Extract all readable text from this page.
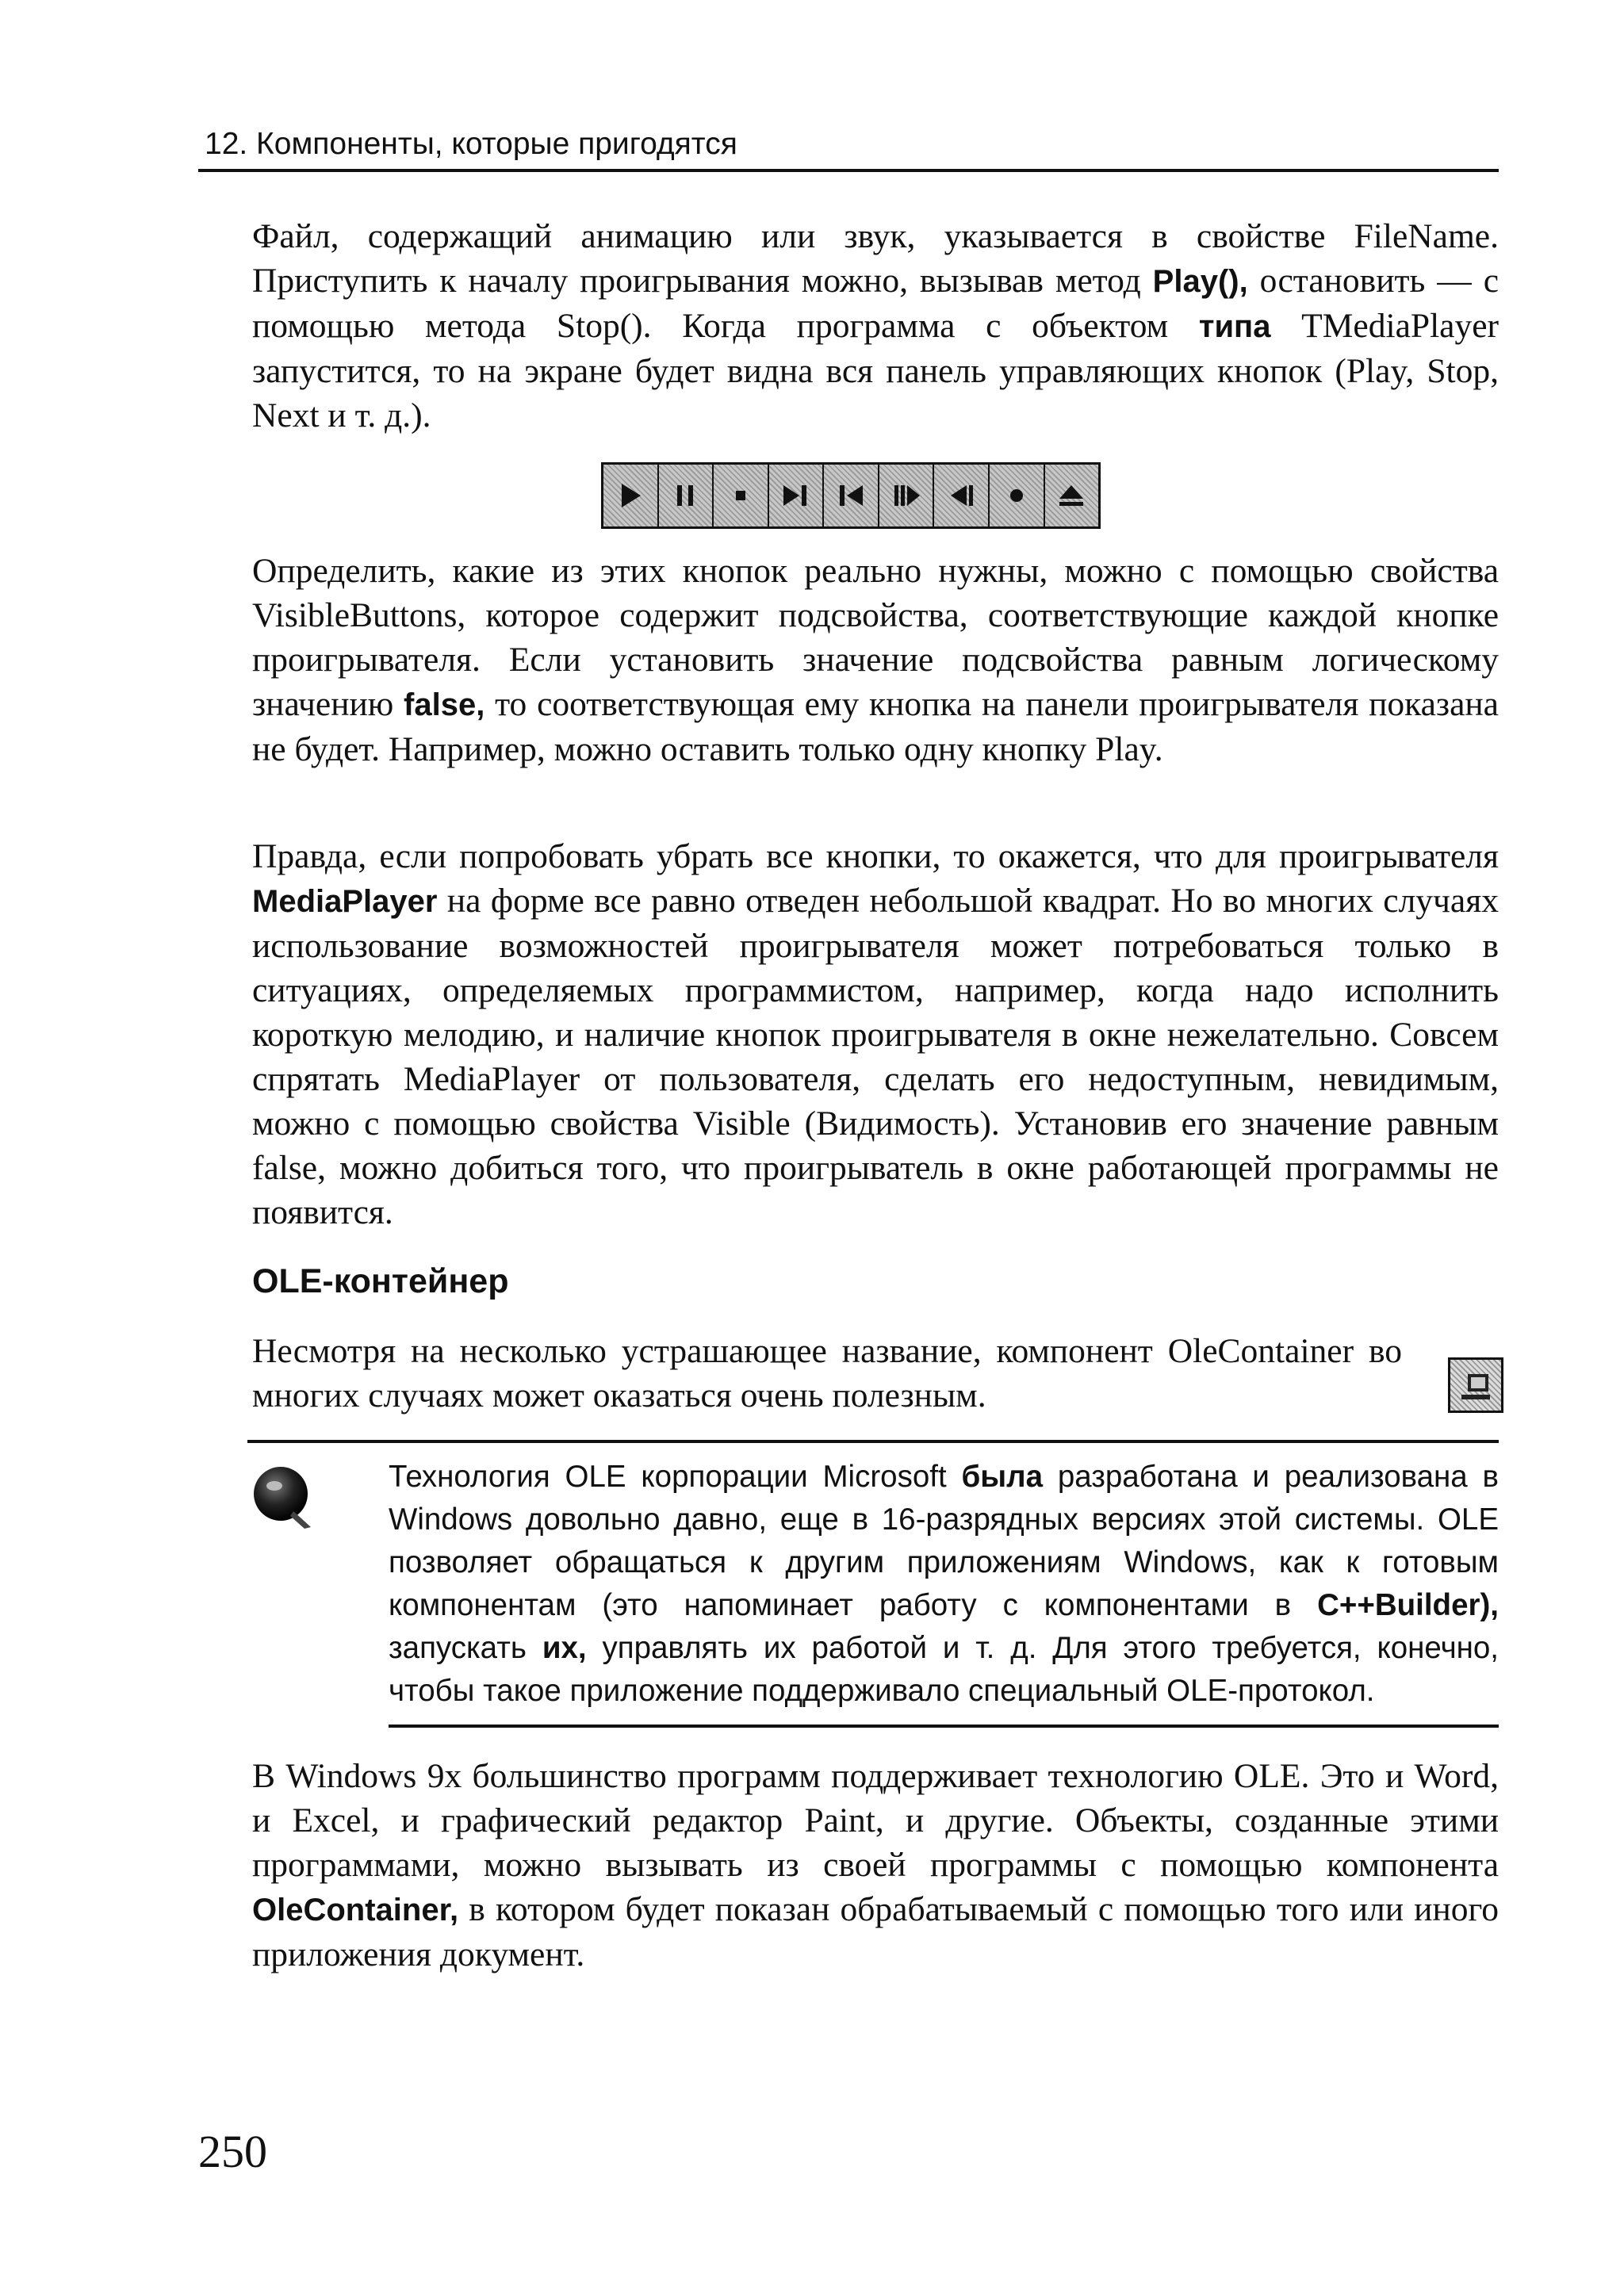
12. Компоненты, которые пригодятся

Файл, содержащий анимацию или звук, указывается в свойстве FileName. Приступить к началу проигрывания можно, вызывав метод Play(), остановить — с помощью метода Stop(). Когда программа с объектом типа TMediaPlayer запустится, то на экране будет видна вся панель управляющих кнопок (Play, Stop, Next и т. д.).

Определить, какие из этих кнопок реально нужны, можно с помощью свойства VisibleButtons, которое содержит подсвойства, соответствующие каждой кнопке проигрывателя. Если установить значение подсвойства равным логическому значению false, то соответствующая ему кнопка на панели проигрывателя показана не будет. Например, можно оставить только одну кнопку Play.

Правда, если попробовать убрать все кнопки, то окажется, что для проигрывателя MediaPlayer на форме все равно отведен небольшой квадрат. Но во многих случаях использование возможностей проигрывателя может потребоваться только в ситуациях, определяемых программистом, например, когда надо исполнить короткую мелодию, и наличие кнопок проигрывателя в окне нежелательно. Совсем спрятать MediaPlayer от пользователя, сделать его недоступным, невидимым, можно с помощью свойства Visible (Видимость). Установив его значение равным false, можно добиться того, что проигрыватель в окне работающей программы не появится.

OLE-контейнер

Несмотря на несколько устрашающее название, компонент OleContainer во многих случаях может оказаться очень полезным.

Технология OLE корпорации Microsoft была разработана и реализована в Windows довольно давно, еще в 16-разрядных версиях этой системы. OLE позволяет обращаться к другим приложениям Windows, как к готовым компонентам (это напоминает работу с компонентами в C++Builder), запускать их, управлять их работой и т. д. Для этого требуется, конечно, чтобы такое приложение поддерживало специальный OLE-протокол.

В Windows 9x большинство программ поддерживает технологию OLE. Это и Word, и Excel, и графический редактор Paint, и другие. Объекты, созданные этими программами, можно вызывать из своей программы с помощью компонента OleContainer, в котором будет показан обрабатываемый с помощью того или иного приложения документ.

250
